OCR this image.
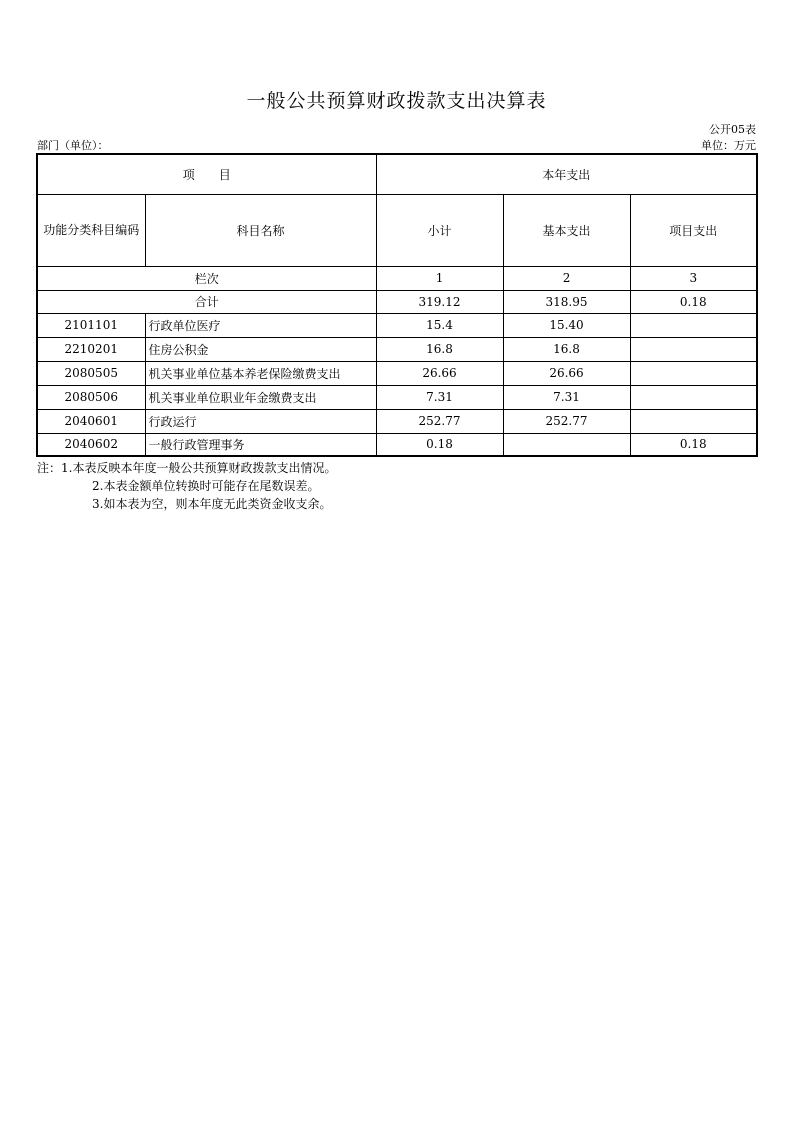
一般公共预算财政拨款支出决算表
公开05表
部门（单位）：	单位：万元
项　　目		本年支出		
功能分类科目编码	科目名称	小计	基本支出	项目支出
栏次		1	2	3
合计		319.12	318.95	0.18
2101101	行政单位医疗	15.4	15.40	
2210201	住房公积金	16.8	16.8	
2080505	机关事业单位基本养老保险缴费支出	26.66	26.66	
2080506	机关事业单位职业年金缴费支出	7.31	7.31	
2040601	行政运行	252.77	252.77	
2040602	一般行政管理事务	0.18		0.18
注：1.本表反映本年度一般公共预算财政拨款支出情况。
2.本表金额单位转换时可能存在尾数误差。
3.如本表为空，则本年度无此类资金收支余。
